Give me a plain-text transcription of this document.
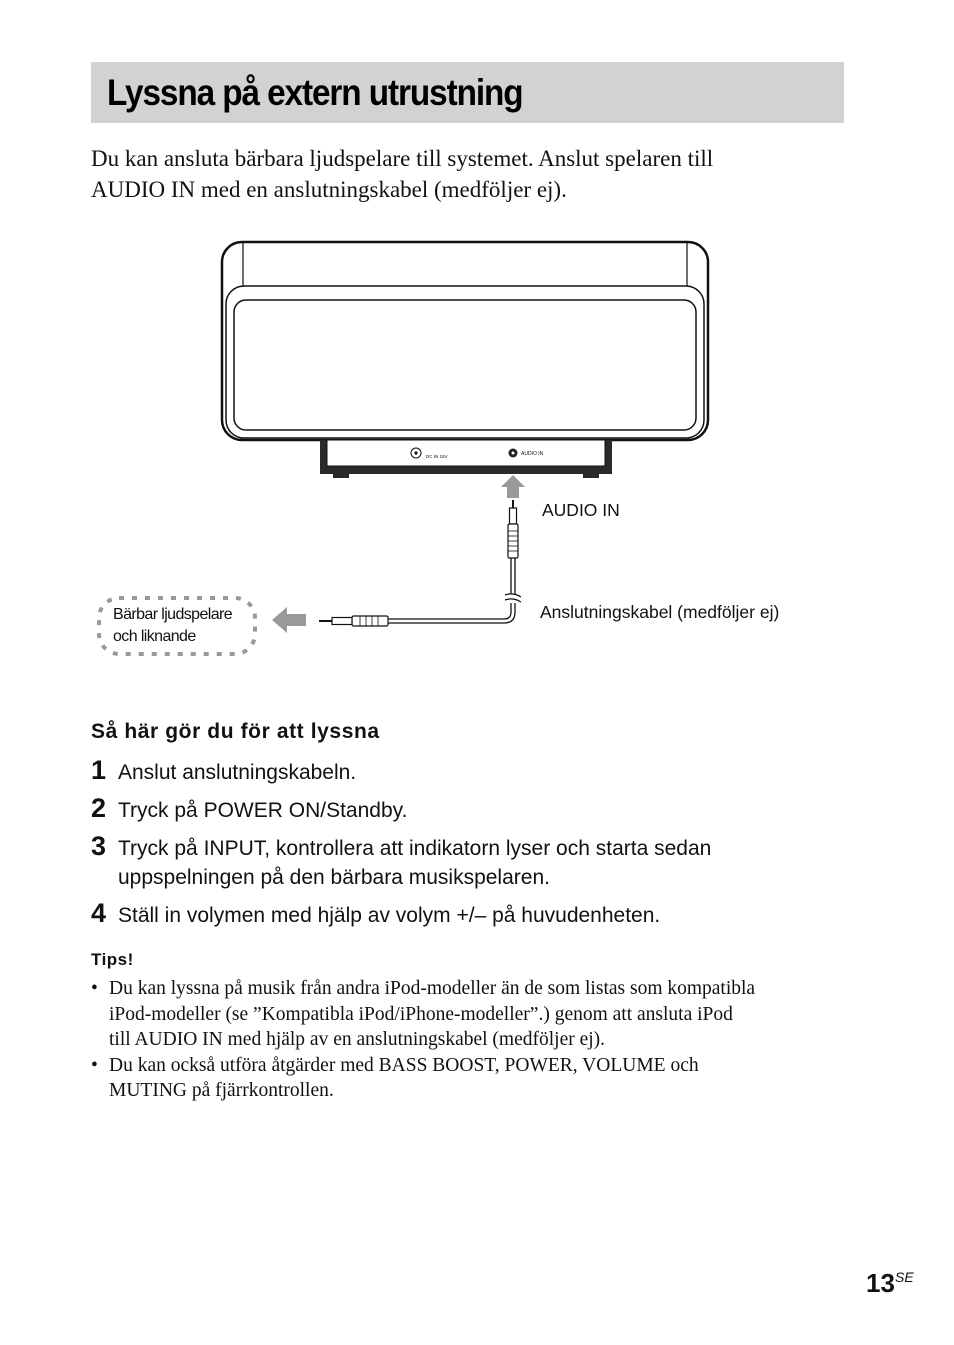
Lyssna på extern utrustning

Du kan ansluta bärbara ljudspelare till systemet. Anslut spelaren till
AUDIO IN med en anslutningskabel (medföljer ej).

DC IN 15V	AUDIO IN
Bärbar ljudspelare
och liknande
AUDIO IN
Anslutningskabel (medföljer ej)
Så här gör du för att lyssna
1 Anslut anslutningskabeln.
2 Tryck på POWER ON/Standby.
3 Tryck på INPUT, kontrollera att indikatorn lyser och starta sedan
uppspelningen på den bärbara musikspelaren.
4 Ställ in volymen med hjälp av volym +/– på huvudenheten.
Tips!
• Du kan lyssna på musik från andra iPod-modeller än de som listas som kompatibla
iPod-modeller (se ”Kompatibla iPod/iPhone-modeller”.) genom att ansluta iPod
till AUDIO IN med hjälp av en anslutningskabel (medföljer ej).
• Du kan också utföra åtgärder med BASS BOOST, POWER, VOLUME och
MUTING på fjärrkontrollen.
13 SE
